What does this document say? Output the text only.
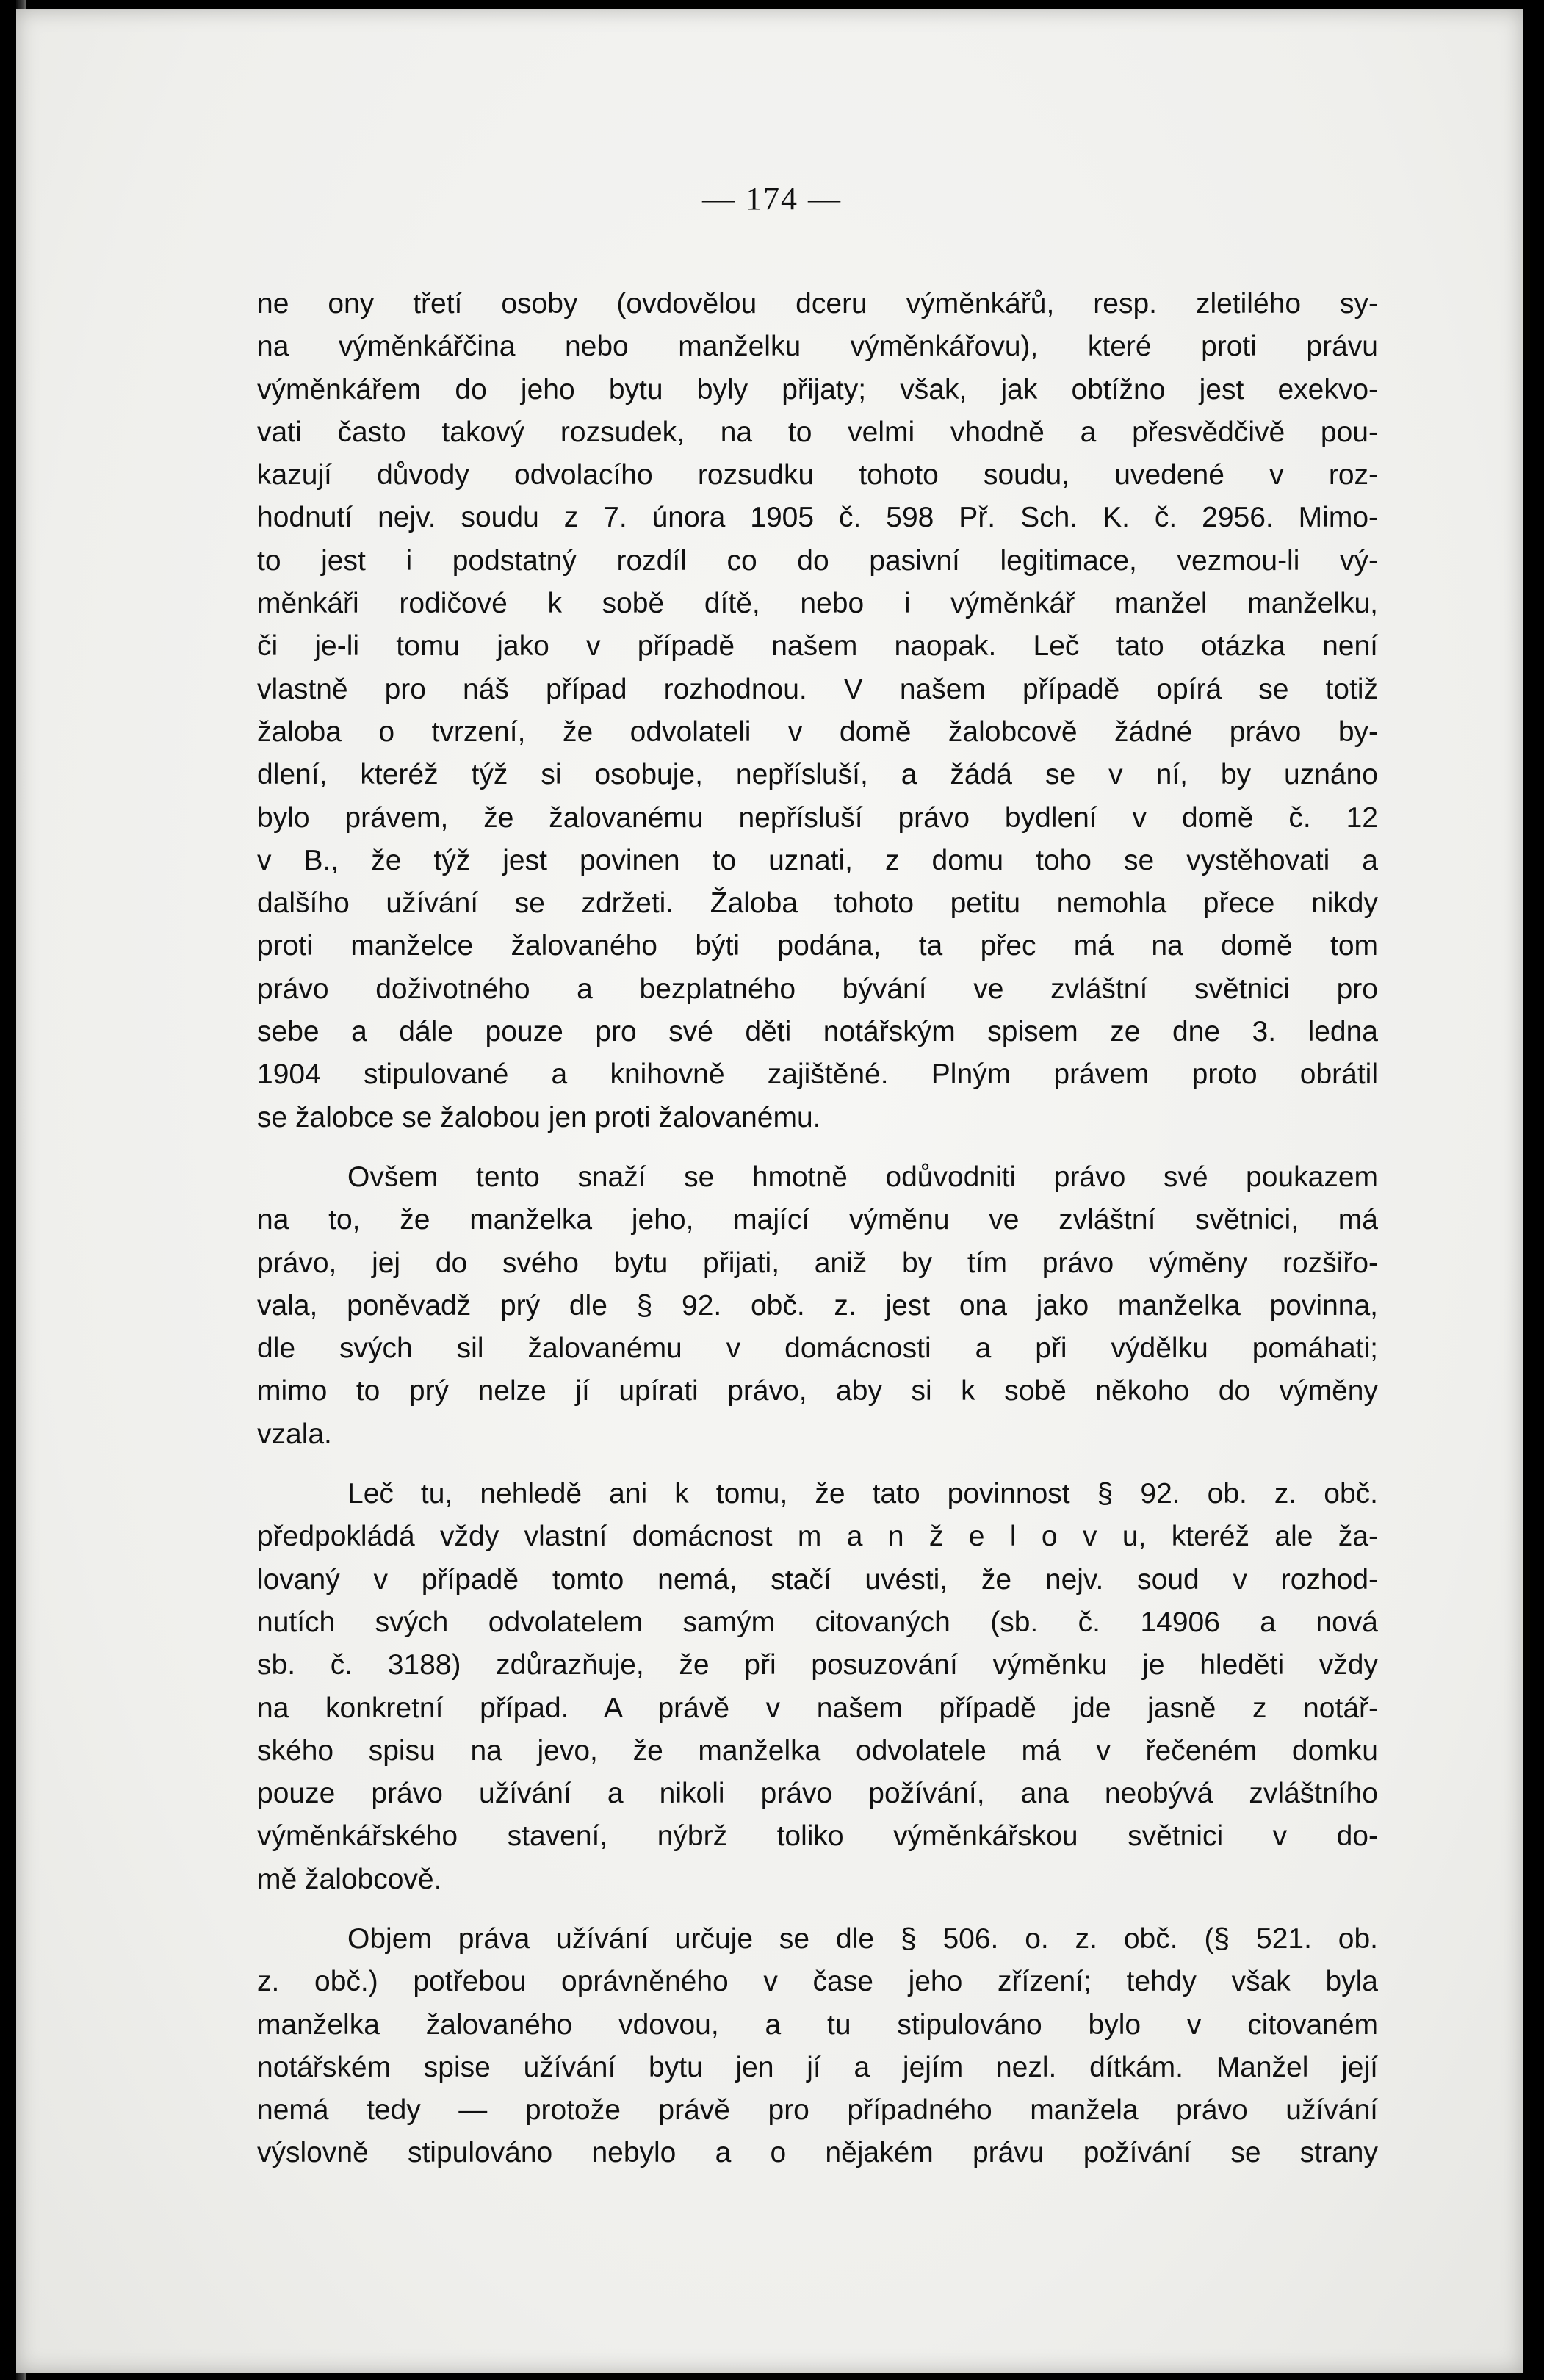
— 174 —
ne ony třetí osoby (ovdovělou dceru výměnkářů, resp. zletilého sy-
na výměnkářčina nebo manželku výměnkářovu), které proti právu
výměnkářem do jeho bytu byly přijaty; však, jak obtížno jest exekvo-
vati často takový rozsudek, na to velmi vhodně a přesvědčivě pou-
kazují důvody odvolacího rozsudku tohoto soudu, uvedené v roz-
hodnutí nejv. soudu z 7. února 1905 č. 598 Př. Sch. K. č. 2956. Mimo-
to jest i podstatný rozdíl co do pasivní legitimace, vezmou-li vý-
měnkáři rodičové k sobě dítě, nebo i výměnkář manžel manželku,
či je-li tomu jako v případě našem naopak. Leč tato otázka není
vlastně pro náš případ rozhodnou. V našem případě opírá se totiž
žaloba o tvrzení, že odvolateli v domě žalobcově žádné právo by-
dlení, kteréž týž si osobuje, nepřísluší, a žádá se v ní, by uznáno
bylo právem, že žalovanému nepřísluší právo bydlení v domě č. 12
v B., že týž jest povinen to uznati, z domu toho se vystěhovati a
dalšího užívání se zdržeti. Žaloba tohoto petitu nemohla přece nikdy
proti manželce žalovaného býti podána, ta přec má na domě tom
právo doživotného a bezplatného bývání ve zvláštní světnici pro
sebe a dále pouze pro své děti notářským spisem ze dne 3. ledna
1904 stipulované a knihovně zajištěné. Plným právem proto obrátil
se žalobce se žalobou jen proti žalovanému.
Ovšem tento snaží se hmotně odůvodniti právo své poukazem
na to, že manželka jeho, mající výměnu ve zvláštní světnici, má
právo, jej do svého bytu přijati, aniž by tím právo výměny rozšiřo-
vala, poněvadž prý dle § 92. obč. z. jest ona jako manželka povinna,
dle svých sil žalovanému v domácnosti a při výdělku pomáhati;
mimo to prý nelze jí upírati právo, aby si k sobě někoho do výměny
vzala.
Leč tu, nehledě ani k tomu, že tato povinnost § 92. ob. z. obč.
předpokládá vždy vlastní domácnost m a n ž e l o v u, kteréž ale ža-
lovaný v případě tomto nemá, stačí uvésti, že nejv. soud v rozhod-
nutích svých odvolatelem samým citovaných (sb. č. 14906 a nová
sb. č. 3188) zdůrazňuje, že při posuzování výměnku je hleděti vždy
na konkretní případ. A právě v našem případě jde jasně z notář-
ského spisu na jevo, že manželka odvolatele má v řečeném domku
pouze právo užívání a nikoli právo požívání, ana neobývá zvláštního
výměnkářského stavení, nýbrž toliko výměnkářskou světnici v do-
mě žalobcově.
Objem práva užívání určuje se dle § 506. o. z. obč. (§ 521. ob.
z. obč.) potřebou oprávněného v čase jeho zřízení; tehdy však byla
manželka žalovaného vdovou, a tu stipulováno bylo v citovaném
notářském spise užívání bytu jen jí a jejím nezl. dítkám. Manžel její
nemá tedy — protože právě pro případného manžela právo užívání
výslovně stipulováno nebylo a o nějakém právu požívání se strany
